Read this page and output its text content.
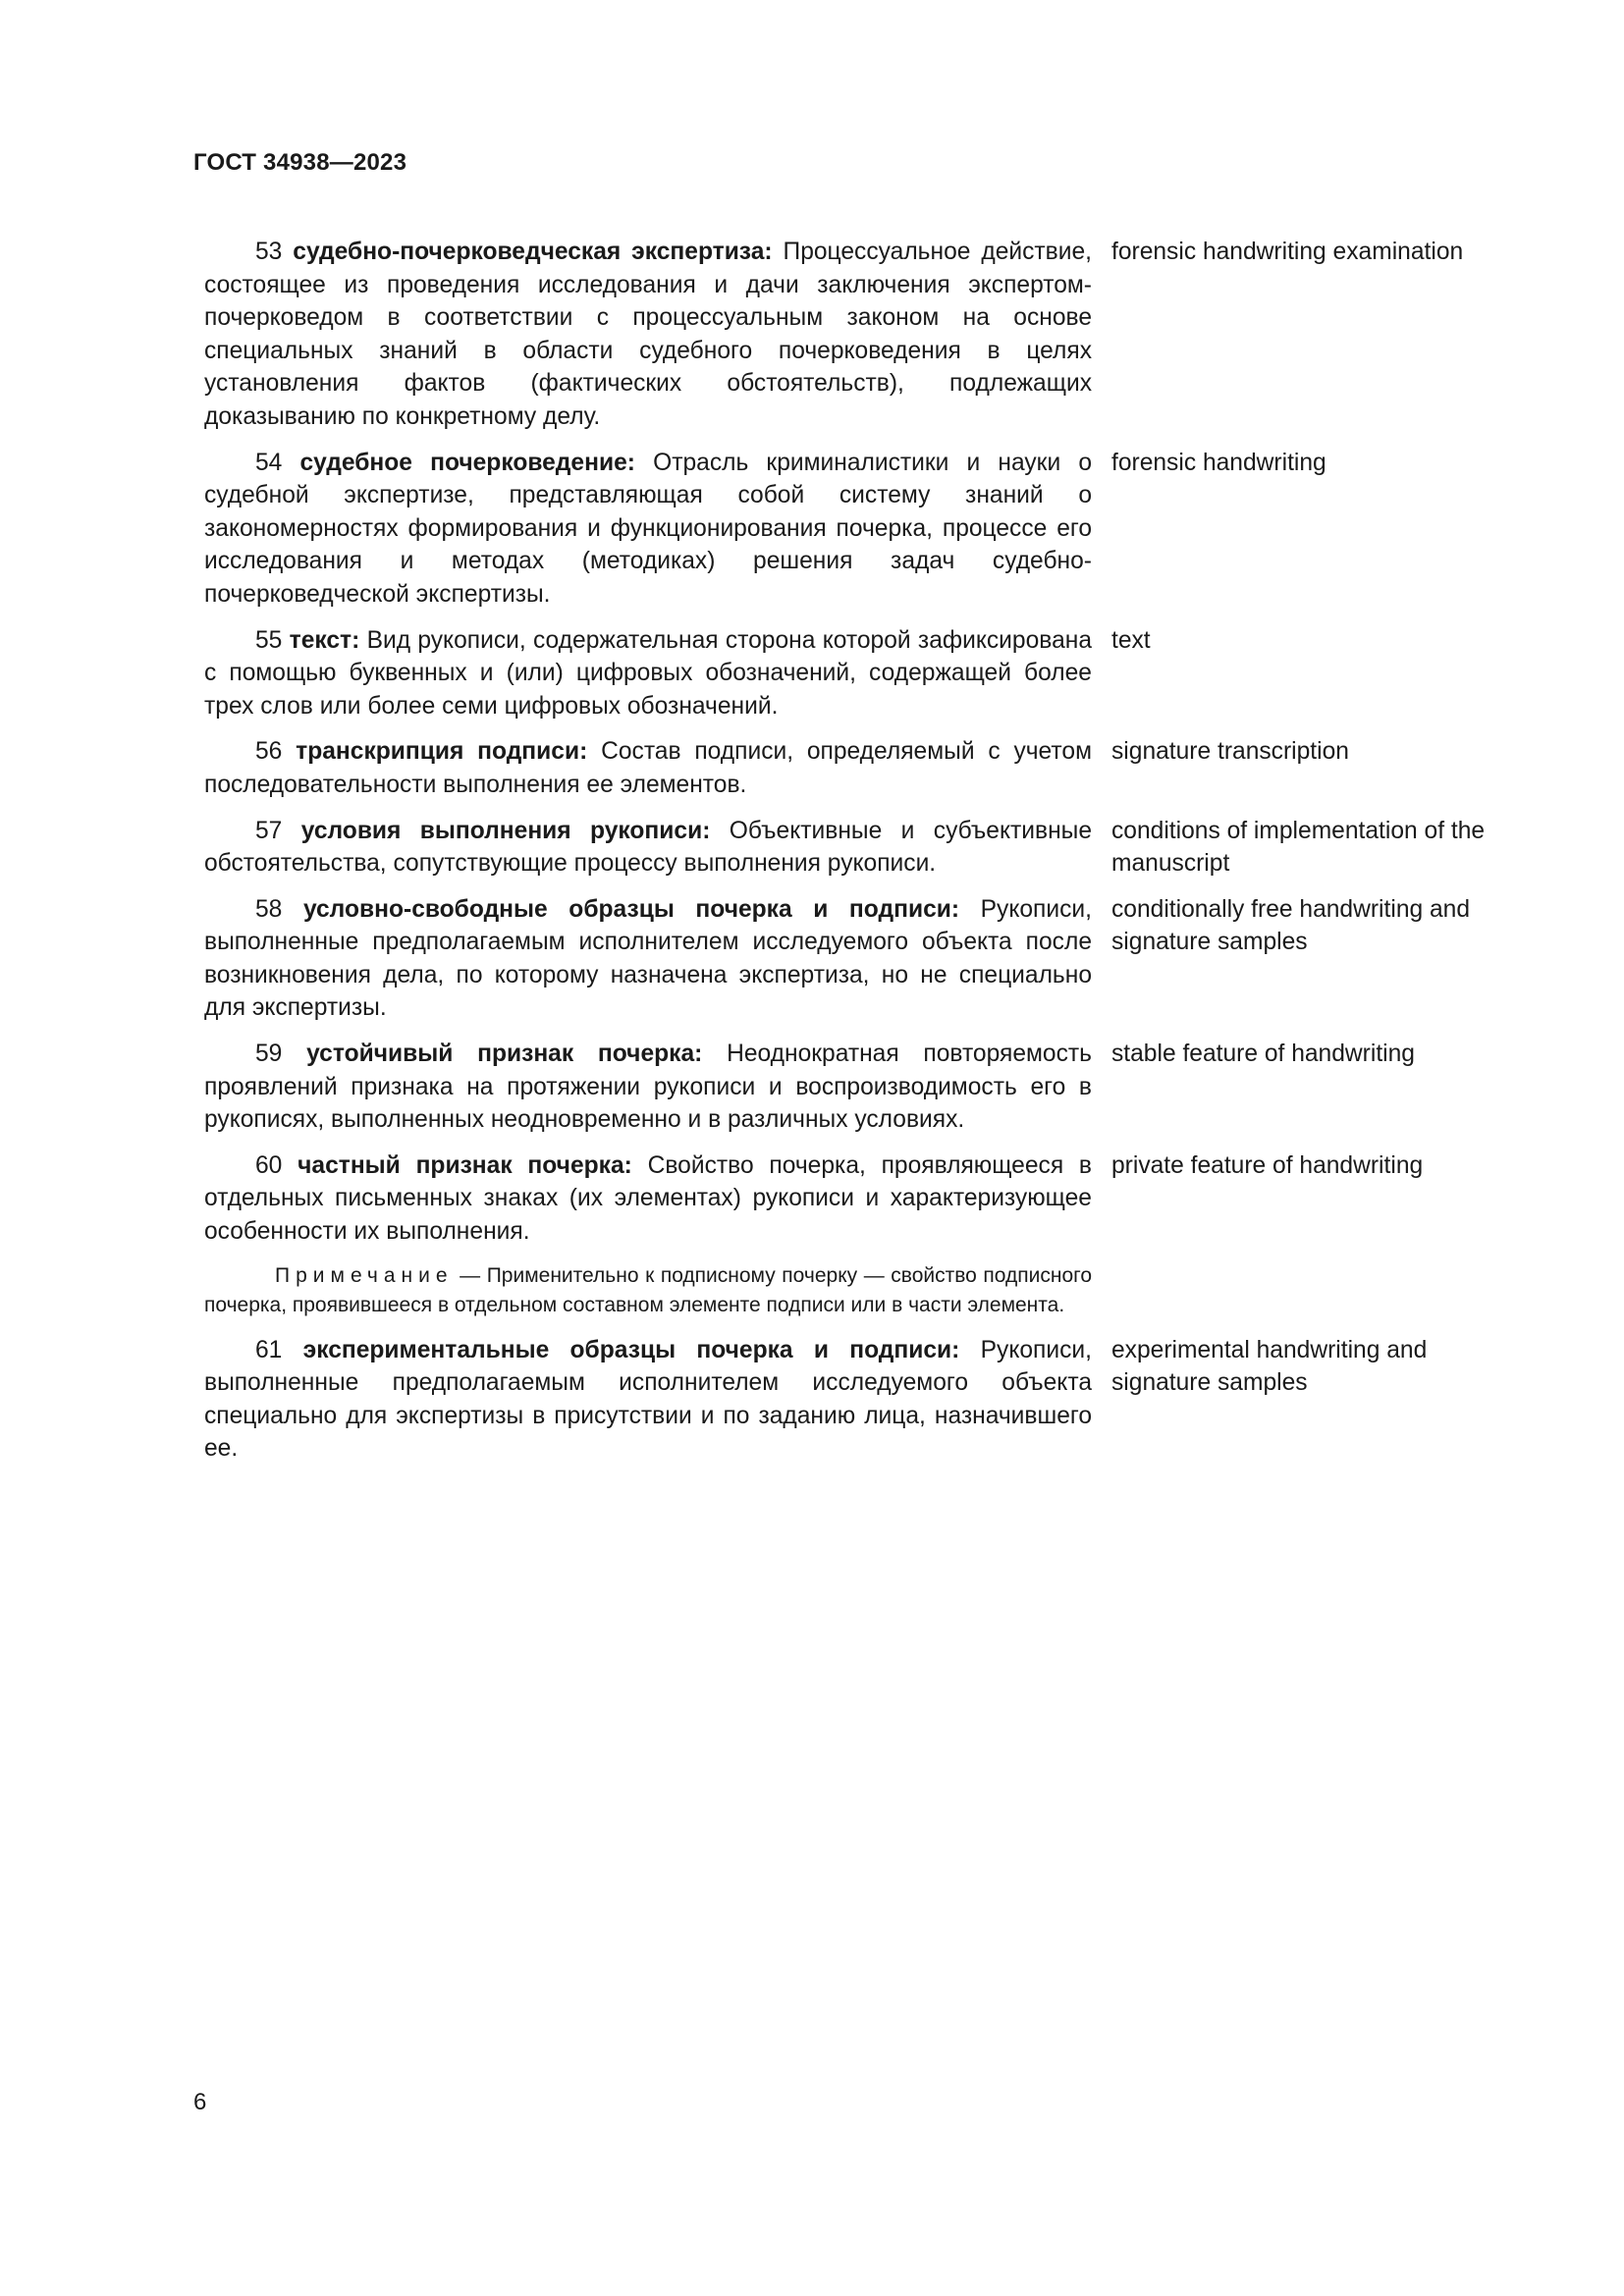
ГОСТ 34938—2023
53 судебно-почерковедческая экспертиза: Процессуальное действие, состоящее из проведения исследования и дачи заключения экспертом-почерковедом в соответствии с процессуальным законом на основе специальных знаний в области судебного почерковедения в целях установления фактов (фактических обстоятельств), подлежащих доказыванию по конкретному делу.
forensic handwriting examination
54 судебное почерковедение: Отрасль криминалистики и науки о судебной экспертизе, представляющая собой систему знаний о закономерностях формирования и функционирования почерка, процессе его исследования и методах (методиках) решения задач судебно-почерковедческой экспертизы.
forensic handwriting
55 текст: Вид рукописи, содержательная сторона которой зафиксирована с помощью буквенных и (или) цифровых обозначений, содержащей более трех слов или более семи цифровых обозначений.
text
56 транскрипция подписи: Состав подписи, определяемый с учетом последовательности выполнения ее элементов.
signature transcription
57 условия выполнения рукописи: Объективные и субъективные обстоятельства, сопутствующие процессу выполнения рукописи.
conditions of implementation of the manuscript
58 условно-свободные образцы почерка и подписи: Рукописи, выполненные предполагаемым исполнителем исследуемого объекта после возникновения дела, по которому назначена экспертиза, но не специально для экспертизы.
conditionally free handwriting and signature samples
59 устойчивый признак почерка: Неоднократная повторяемость проявлений признака на протяжении рукописи и воспроизводимость его в рукописях, выполненных неодновременно и в различных условиях.
stable feature of handwriting
60 частный признак почерка: Свойство почерка, проявляющееся в отдельных письменных знаках (их элементах) рукописи и характеризующее особенности их выполнения.
private feature of handwriting
Примечание — Применительно к подписному почерку — свойство подписного почерка, проявившееся в отдельном составном элементе подписи или в части элемента.
61 экспериментальные образцы почерка и подписи: Рукописи, выполненные предполагаемым исполнителем исследуемого объекта специально для экспертизы в присутствии и по заданию лица, назначившего ее.
experimental handwriting and signature samples
6
